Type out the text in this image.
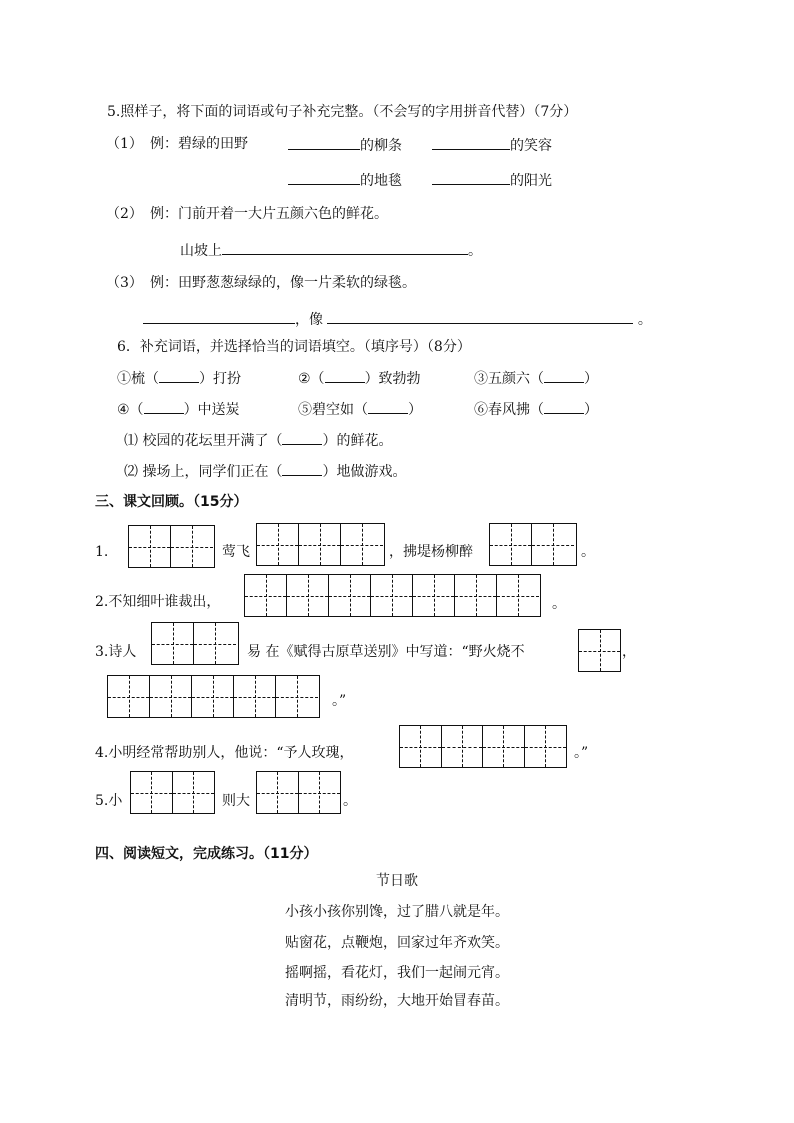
5.照样子，将下面的词语或句子补充完整。（不会写的字用拼音代替）（7分）
（1） 例：碧绿的田野	的柳条	的笑容
的地毯	的阳光
（2） 例：门前开着一大片五颜六色的鲜花。
山坡上	。
（3） 例：田野葱葱绿绿的，像一片柔软的绿毯。
，像	。
6．补充词语，并选择恰当的词语填空。（填序号）（8分）
①梳（	）打扮	②（	）致勃勃	③五颜六（	）
④（	）中送炭	⑤碧空如（	）	⑥春风拂（	）
⑴ 校园的花坛里开满了（	）的鲜花。
⑵ 操场上，同学们正在（	）地做游戏。
三、课文回顾。（15分）
1.	莺飞	，拂堤杨柳醉	。
2.不知细叶谁裁出，	。
3.诗人	易 在《赋得古原草送别》中写道：“野火烧不	，
。”
4.小明经常帮助别人，他说：“予人玫瑰，	。”
5.小	则大	。
四、阅读短文，完成练习。（11分）
节日歌
小孩小孩你别馋，过了腊八就是年。
贴窗花，点鞭炮，回家过年齐欢笑。
摇啊摇，看花灯，我们一起闹元宵。
清明节，雨纷纷，大地开始冒春苗。
